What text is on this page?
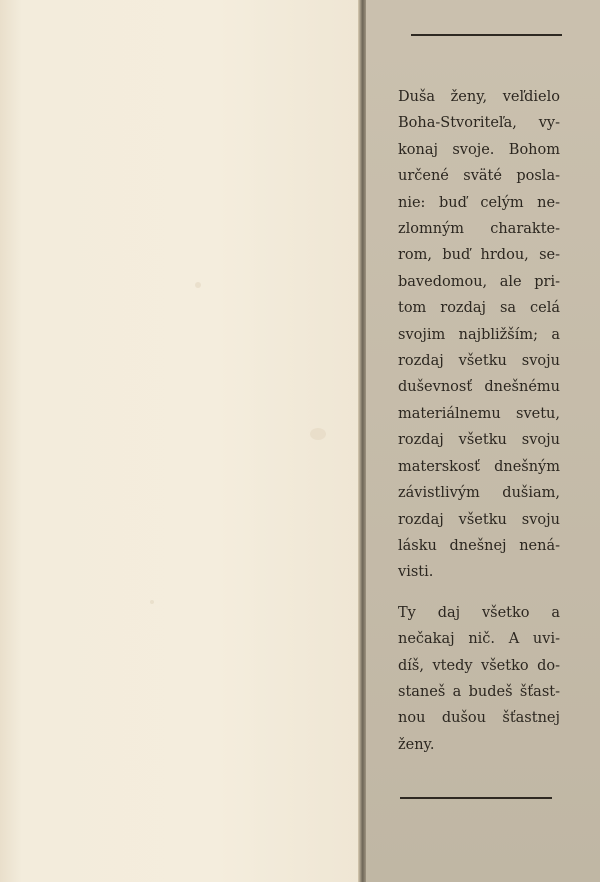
Duša ženy, veľdielo
Boha-Stvoriteľa, vy-
konaj svoje. Bohom
určené sväté posla-
nie: buď celým ne-
zlomným charakte-
rom, buď hrdou, se-
bavedomou, ale pri-
tom rozdaj sa celá
svojim najbližším; a
rozdaj všetku svoju
duševnosť dnešnému
materiálnemu svetu,
rozdaj všetku svoju
materskosť dnešným
závistlivým dušiam,
rozdaj všetku svoju
lásku dnešnej nená-
visti.

Ty daj všetko a
nečakaj nič. A uvi-
díš, vtedy všetko do-
staneš a budeš šťast-
nou dušou šťastnej
ženy.
